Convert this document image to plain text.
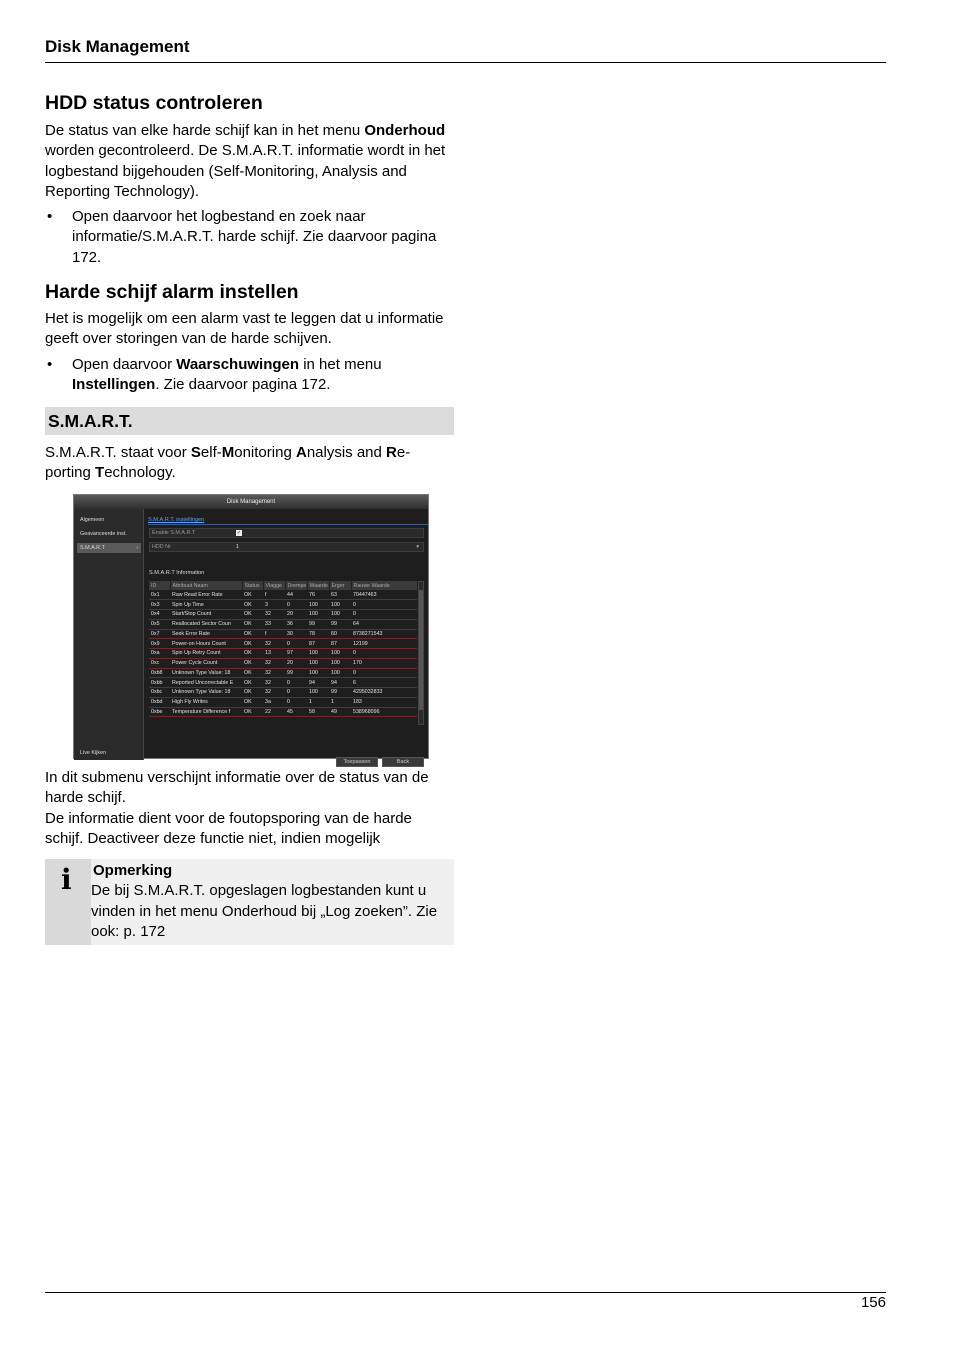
Disk Management
HDD status controleren
De status van elke harde schijf kan in het menu Onderhoud worden gecontroleerd. De S.M.A.R.T. informatie wordt in het logbestand bijgehouden (Self-Monitoring, Analysis and Reporting Technology).
• Open daarvoor het logbestand en zoek naar informatie/S.M.A.R.T. harde schijf. Zie daarvoor pagina 172.
Harde schijf alarm instellen
Het is mogelijk om een alarm vast te leggen dat u informatie geeft over storingen van de harde schijven.
• Open daarvoor Waarschuwingen in het menu Instellingen. Zie daarvoor pagina 172.
S.M.A.R.T.
S.M.A.R.T. staat voor Self-Monitoring Analysis and Re-porting Technology.
Disk Management
Algemeen
Geavanceerde inst.
S.M.A.R.T	›
Live Kijken
S.M.A.R.T. instellingen
Enable S.M.A.R.T	✓
HDD Nr	1	▾
S.M.A.R.T Information
ID	Attribuut Naam	Status	Vlagge	Drempe	Waarde	Erger	Rauwe Waarde
0x1	Raw Read Error Rate	OK	f	44	76	63	70447463
0x3	Spin Up Time	OK	3	0	100	100	0
0x4	Start/Stop Count	OK	32	20	100	100	0
0x5	Reallocated Sector Coun	OK	33	36	99	99	64
0x7	Seek Error Rate	OK	f	30	78	60	8738271543
0x9	Power-on Hours Count	OK	32	0	87	87	12199
0xa	Spin Up Retry Count	OK	13	97	100	100	0
0xc	Power Cycle Count	OK	32	20	100	100	170
0xb8	Unknown Type Value: 18	OK	32	99	100	100	0
0xbb	Reported Uncorrectable E	OK	32	0	94	94	6
0xbc	Unknown Type Value: 18	OK	32	0	100	99	4295032833
0xbd	High Fly Writes	OK	3a	0	1	1	183
0xbe	Temperature Difference f	OK	22	45	58	49	538968096
Toepassen	Back
In dit submenu verschijnt informatie over de status van de harde schijf.
De informatie dient voor de foutopsporing van de harde schijf. Deactiveer deze functie niet, indien mogelijk
i Opmerking
De bij S.M.A.R.T. opgeslagen logbestanden kunt u vinden in het menu Onderhoud bij „Log zoeken”. Zie ook: p. 172
156
